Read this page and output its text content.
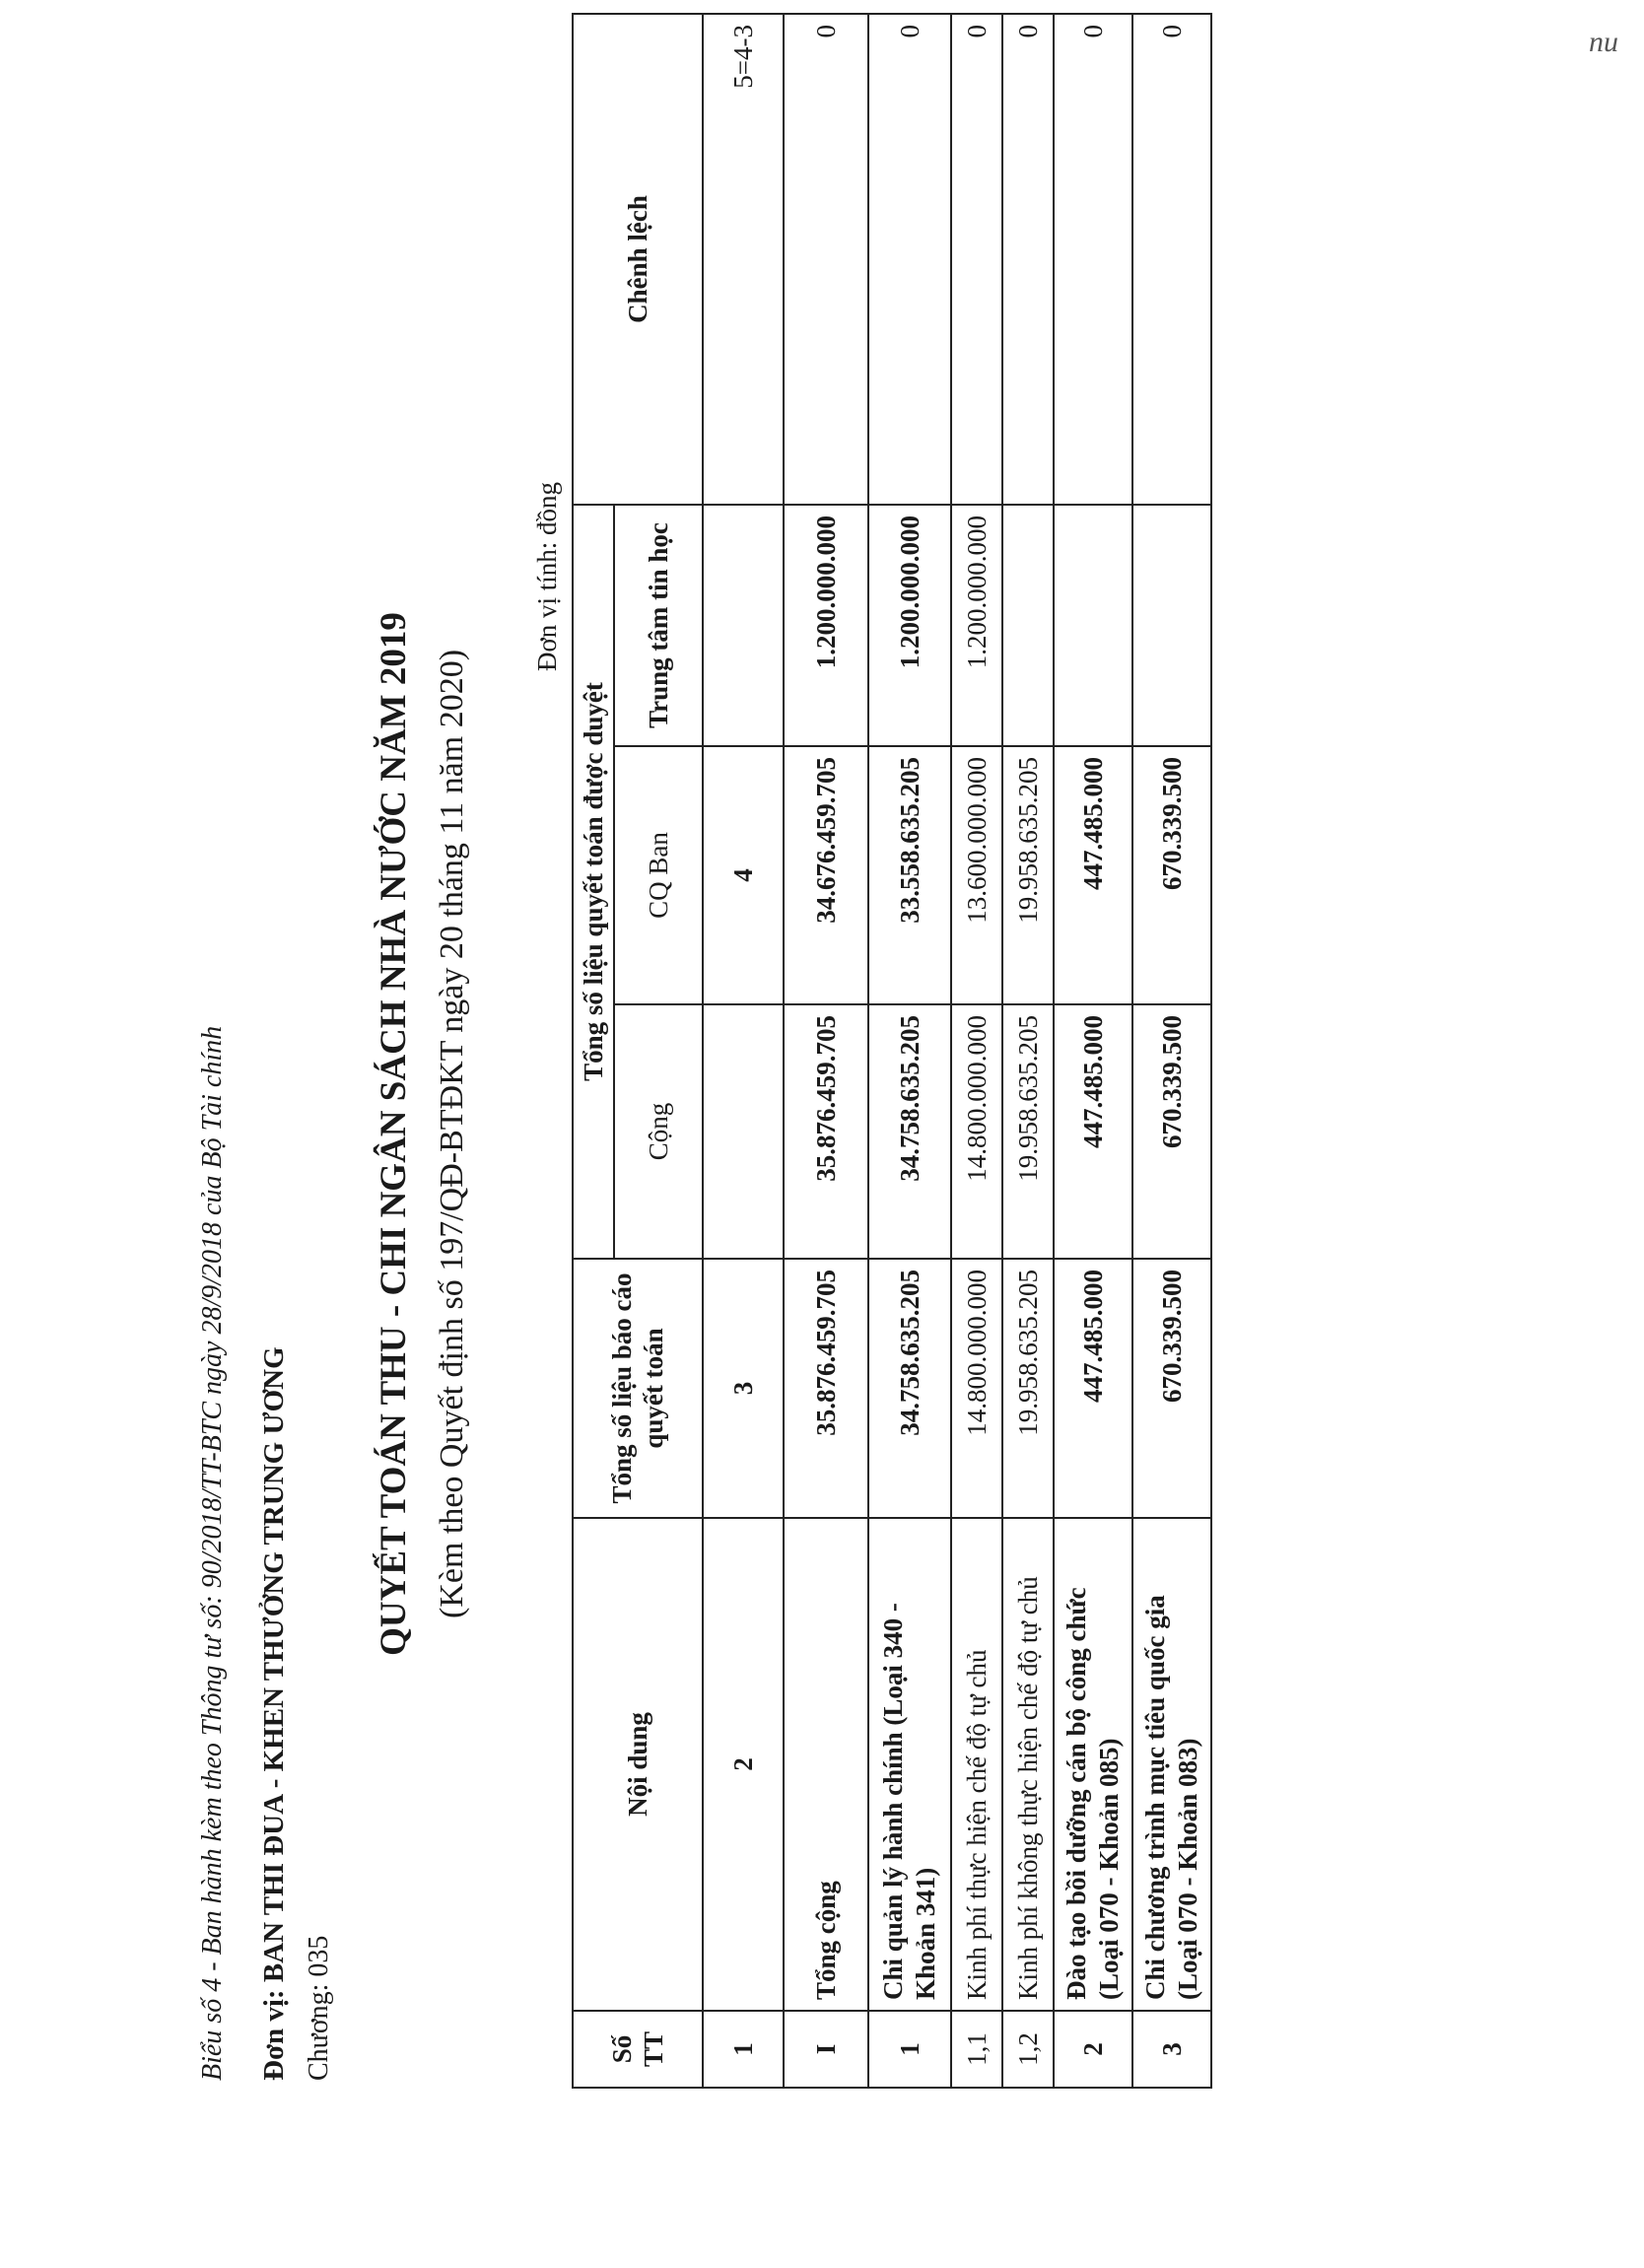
Biểu số 4 - Ban hành kèm theo Thông tư số: 90/2018/TT-BTC ngày 28/9/2018 của Bộ Tài chính Đơn vị: BAN THI ĐUA - KHEN THƯỞNG TRUNG ƯƠNG
Chương: 035
QUYẾT TOÁN THU - CHI NGÂN SÁCH NHÀ NƯỚC NĂM 2019 (Kèm theo Quyết định số 197/QĐ-BTĐKT ngày 20 tháng 11 năm 2020)
Đơn vị tính: đồng
Số TT	Nội dung	Tổng số liệu báo cáo quyết toán	Tổng số liệu quyết toán được duyệt			Chênh lệch
			Cộng	CQ Ban	Trung tâm tin học	
1	2	3		4		5=4-3
I	Tổng cộng	35.876.459.705	35.876.459.705	34.676.459.705	1.200.000.000	0
1	Chi quản lý hành chính (Loại 340 - Khoản 341)	34.758.635.205	34.758.635.205	33.558.635.205	1.200.000.000	0
1,1	Kinh phí thực hiện chế độ tự chủ	14.800.000.000	14.800.000.000	13.600.000.000	1.200.000.000	0
1,2	Kinh phí không thực hiện chế độ tự chủ	19.958.635.205	19.958.635.205	19.958.635.205		0
2	Đào tạo bồi dưỡng cán bộ công chức (Loại 070 - Khoản 085)	447.485.000	447.485.000	447.485.000		0
3	Chi chương trình mục tiêu quốc gia (Loại 070 - Khoản 083)	670.339.500	670.339.500	670.339.500		0	nu
